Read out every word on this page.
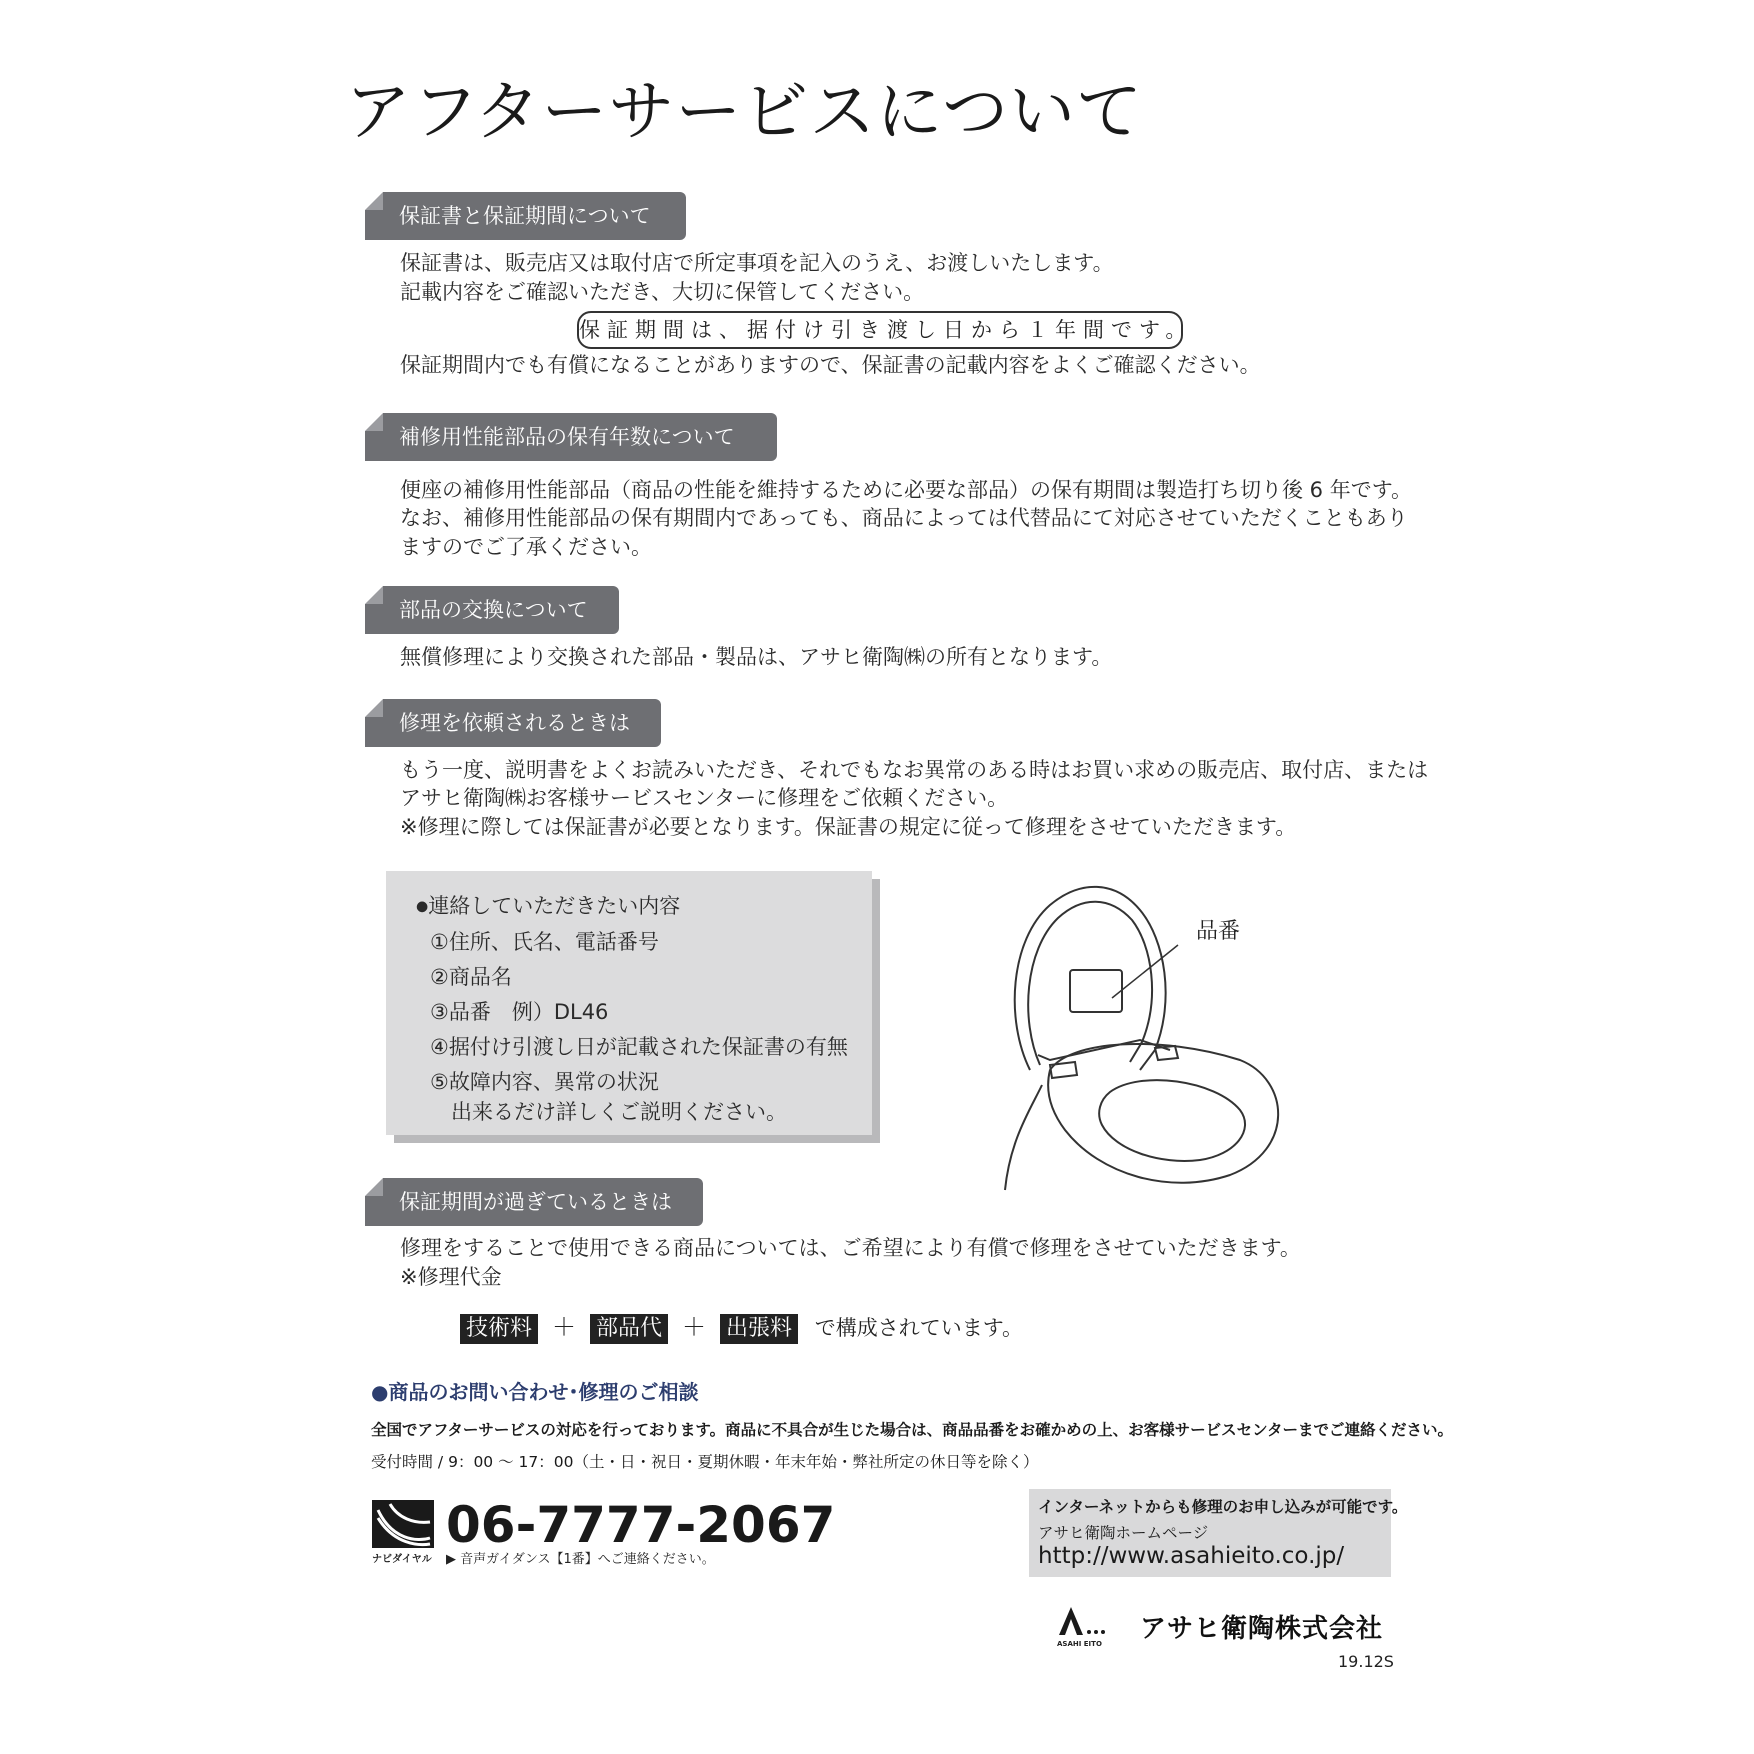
アフターサービスについて
保証書と保証期間について
保証書は、販売店又は取付店で所定事項を記入のうえ、お渡しいたします。
記載内容をご確認いただき、大切に保管してください。
保証期間は、据付け引き渡し日から１年間です。
保証期間内でも有償になることがありますので、保証書の記載内容をよくご確認ください。
補修用性能部品の保有年数について
便座の補修用性能部品（商品の性能を維持するために必要な部品）の保有期間は製造打ち切り後 6 年です。
なお、補修用性能部品の保有期間内であっても、商品によっては代替品にて対応させていただくこともあり
ますのでご了承ください。
部品の交換について
無償修理により交換された部品・製品は、アサヒ衛陶㈱の所有となります。
修理を依頼されるときは
もう一度、説明書をよくお読みいただき、それでもなお異常のある時はお買い求めの販売店、取付店、または
アサヒ衛陶㈱お客様サービスセンターに修理をご依頼ください。
※修理に際しては保証書が必要となります。保証書の規定に従って修理をさせていただきます。
●連絡していただきたい内容
①住所、氏名、電話番号
②商品名
③品番　例）DL46
④据付け引渡し日が記載された保証書の有無
⑤故障内容、異常の状況
　出来るだけ詳しくご説明ください。
品番
保証期間が過ぎているときは
修理をすることで使用できる商品については、ご希望により有償で修理をさせていただきます。
※修理代金
技術料 ＋ 部品代 ＋ 出張料 で構成されています。
●商品のお問い合わせ･修理のご相談
全国でアフターサービスの対応を行っております。商品に不具合が生じた場合は、商品品番をお確かめの上、お客様サービスセンターまでご連絡ください。
受付時間 / 9：00 ～ 17：00（土・日・祝日・夏期休暇・年末年始・弊社所定の休日等を除く）
ナビダイヤル
06-7777-2067
▶ 音声ガイダンス【1番】へご連絡ください。
インターネットからも修理のお申し込みが可能です。
アサヒ衛陶ホームページ
http://www.asahieito.co.jp/
ASAHI EITO アサヒ衛陶株式会社
19.12S
